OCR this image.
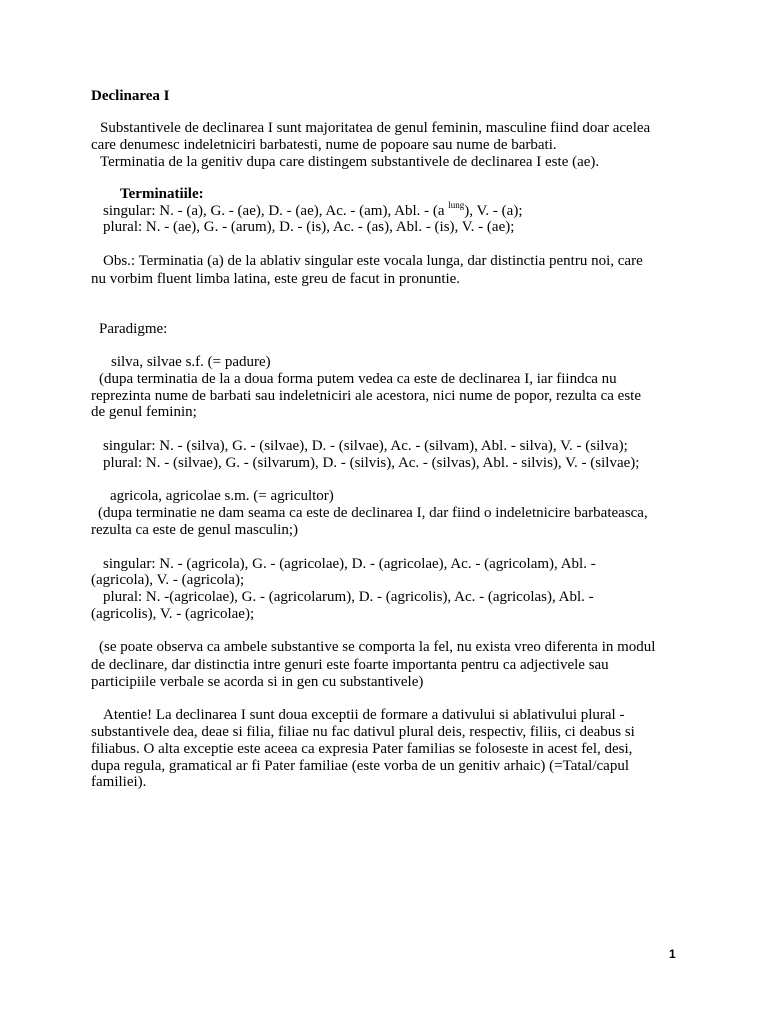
Declinarea I
Substantivele de declinarea I sunt majoritatea de genul feminin, masculine fiind doar acelea
care denumesc indeletniciri barbatesti, nume de popoare sau nume de barbati.
Terminatia de la genitiv dupa care distingem substantivele de declinarea I este (ae).
Terminatiile:
singular: N. - (a), G. - (ae), D. - (ae), Ac. - (am), Abl. - (a $^{lung}$), V. - (a);
plural: N. - (ae), G. - (arum), D. - (is), Ac. - (as), Abl. - (is), V. - (ae);
Obs.: Terminatia (a) de la ablativ singular este vocala lunga, dar distinctia pentru noi, care
nu vorbim fluent limba latina, este greu de facut in pronuntie.
Paradigme:
silva, silvae s.f. (= padure)
(dupa terminatia de la a doua forma putem vedea ca este de declinarea I, iar fiindca nu
reprezinta nume de barbati sau indeletniciri ale acestora, nici nume de popor, rezulta ca este
de genul feminin;
singular: N. - (silva), G. - (silvae), D. - (silvae), Ac. - (silvam), Abl. - silva), V. - (silva);
plural: N. - (silvae), G. - (silvarum), D. - (silvis), Ac. - (silvas), Abl. - silvis), V. - (silvae);
agricola, agricolae s.m. (= agricultor)
(dupa terminatie ne dam seama ca este de declinarea I, dar fiind o indeletnicire barbateasca,
rezulta ca este de genul masculin;)
singular: N. - (agricola), G. - (agricolae), D. - (agricolae), Ac. - (agricolam), Abl. -
(agricola), V. - (agricola);
plural: N. -(agricolae), G. - (agricolarum), D. - (agricolis), Ac. - (agricolas), Abl. -
(agricolis), V. - (agricolae);
(se poate observa ca ambele substantive se comporta la fel, nu exista vreo diferenta in modul
de declinare, dar distinctia intre genuri este foarte importanta pentru ca adjectivele sau
participiile verbale se acorda si in gen cu substantivele)
Atentie! La declinarea I sunt doua exceptii de formare a dativului si ablativului plural -
substantivele dea, deae si filia, filiae nu fac dativul plural deis, respectiv, filiis, ci deabus si
filiabus. O alta exceptie este aceea ca expresia Pater familias se foloseste in acest fel, desi,
dupa regula, gramatical ar fi Pater familiae (este vorba de un genitiv arhaic) (=Tatal/capul
familiei).
1
